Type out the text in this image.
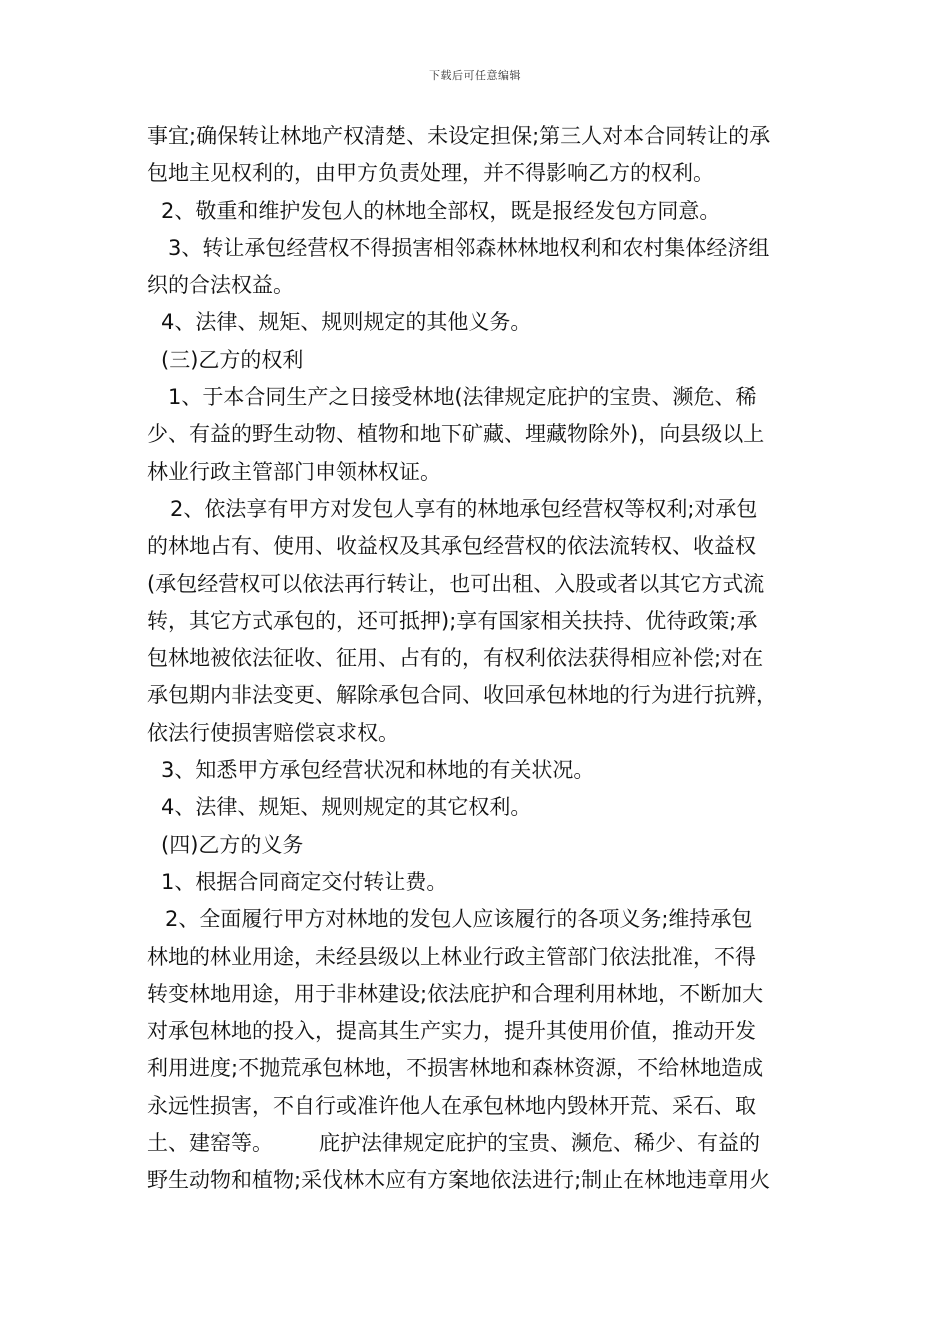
下载后可任意编辑
事宜;确保转让林地产权清楚、未设定担保;第三人对本合同转让的承
包地主见权利的，由甲方负责处理，并不得影响乙方的权利。
2、敬重和维护发包人的林地全部权，既是报经发包方同意。
3、转让承包经营权不得损害相邻森林林地权利和农村集体经济组
织的合法权益。
4、法律、规矩、规则规定的其他义务。
(三)乙方的权利
1、于本合同生产之日接受林地(法律规定庇护的宝贵、濒危、稀
少、有益的野生动物、植物和地下矿藏、埋藏物除外)，向县级以上
林业行政主管部门申领林权证。
2、依法享有甲方对发包人享有的林地承包经营权等权利;对承包
的林地占有、使用、收益权及其承包经营权的依法流转权、收益权
(承包经营权可以依法再行转让，也可出租、入股或者以其它方式流
转，其它方式承包的，还可抵押);享有国家相关扶持、优待政策;承
包林地被依法征收、征用、占有的，有权利依法获得相应补偿;对在
承包期内非法变更、解除承包合同、收回承包林地的行为进行抗辨，
依法行使损害赔偿哀求权。
3、知悉甲方承包经营状况和林地的有关状况。
4、法律、规矩、规则规定的其它权利。
(四)乙方的义务
1、根据合同商定交付转让费。
2、全面履行甲方对林地的发包人应该履行的各项义务;维持承包
林地的林业用途，未经县级以上林业行政主管部门依法批准，不得
转变林地用途，用于非林建设;依法庇护和合理利用林地，不断加大
对承包林地的投入，提高其生产实力，提升其使用价值，推动开发
利用进度;不抛荒承包林地，不损害林地和森林资源，不给林地造成
永远性损害，不自行或准许他人在承包林地内毁林开荒、采石、取
土、建窑等。 庇护法律规定庇护的宝贵、濒危、稀少、有益的
野生动物和植物;采伐林木应有方案地依法进行;制止在林地违章用火
